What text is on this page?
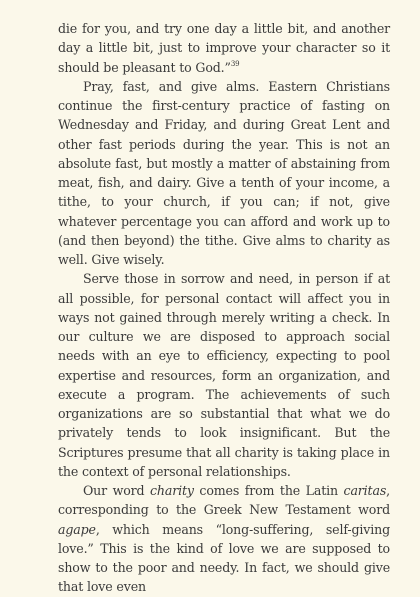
die for you, and try one day a little bit, and another day a little bit, just to improve your character so it should be pleasant to God.”$^{39}$

Pray, fast, and give alms. Eastern Christians continue the first-century practice of fasting on Wednesday and Friday, and during Great Lent and other fast periods during the year. This is not an absolute fast, but mostly a matter of abstaining from meat, fish, and dairy. Give a tenth of your income, a tithe, to your church, if you can; if not, give whatever percentage you can afford and work up to (and then beyond) the tithe. Give alms to charity as well. Give wisely.

Serve those in sorrow and need, in person if at all possible, for personal contact will affect you in ways not gained through merely writing a check. In our culture we are disposed to approach social needs with an eye to efficiency, expecting to pool expertise and resources, form an organization, and execute a program. The achievements of such organizations are so substantial that what we do privately tends to look insignificant. But the Scriptures presume that all charity is taking place in the context of personal relationships.

Our word charity comes from the Latin caritas, corresponding to the Greek New Testament word agape, which means “long-suffering, self-giving love.” This is the kind of love we are supposed to show to the poor and needy. In fact, we should give that love even
